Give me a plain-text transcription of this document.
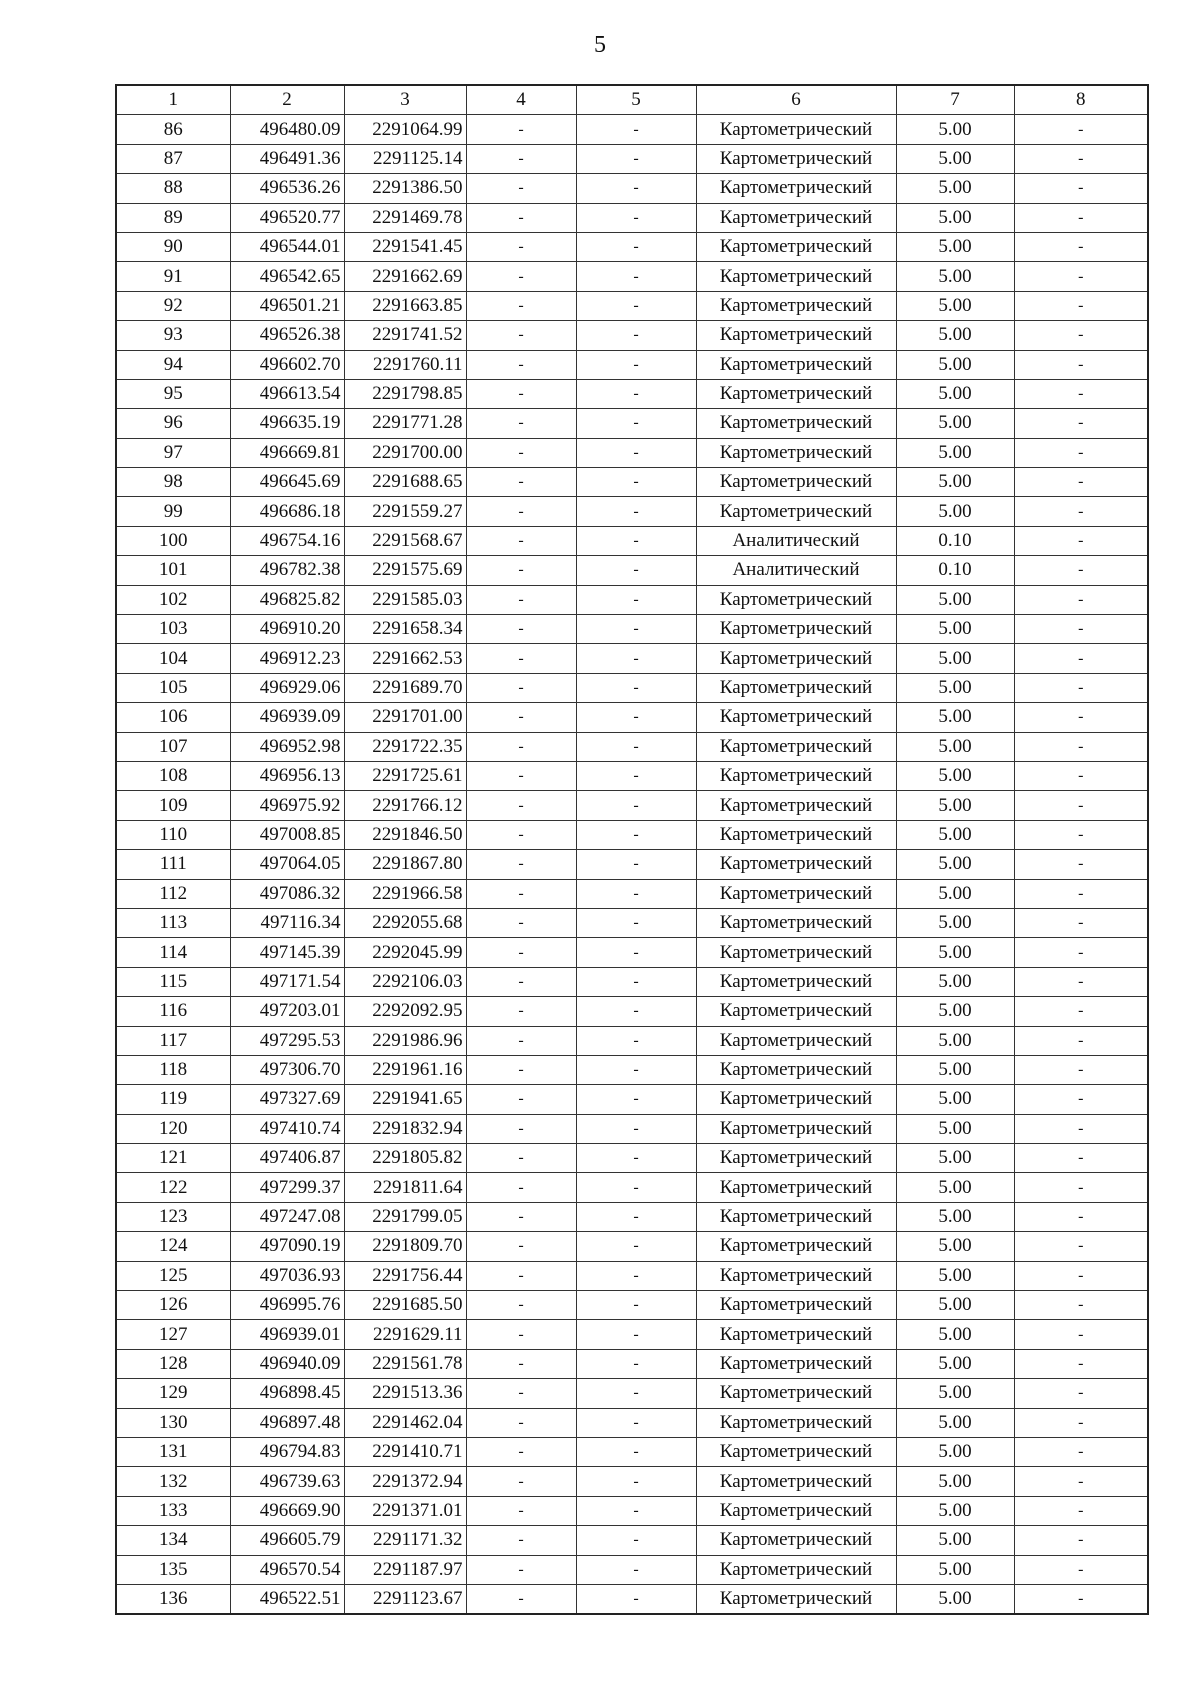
5
1	2	3	4	5	6	7	8
86	496480.09	2291064.99	-	-	Картометрический	5.00	-
87	496491.36	2291125.14	-	-	Картометрический	5.00	-
88	496536.26	2291386.50	-	-	Картометрический	5.00	-
89	496520.77	2291469.78	-	-	Картометрический	5.00	-
90	496544.01	2291541.45	-	-	Картометрический	5.00	-
91	496542.65	2291662.69	-	-	Картометрический	5.00	-
92	496501.21	2291663.85	-	-	Картометрический	5.00	-
93	496526.38	2291741.52	-	-	Картометрический	5.00	-
94	496602.70	2291760.11	-	-	Картометрический	5.00	-
95	496613.54	2291798.85	-	-	Картометрический	5.00	-
96	496635.19	2291771.28	-	-	Картометрический	5.00	-
97	496669.81	2291700.00	-	-	Картометрический	5.00	-
98	496645.69	2291688.65	-	-	Картометрический	5.00	-
99	496686.18	2291559.27	-	-	Картометрический	5.00	-
100	496754.16	2291568.67	-	-	Аналитический	0.10	-
101	496782.38	2291575.69	-	-	Аналитический	0.10	-
102	496825.82	2291585.03	-	-	Картометрический	5.00	-
103	496910.20	2291658.34	-	-	Картометрический	5.00	-
104	496912.23	2291662.53	-	-	Картометрический	5.00	-
105	496929.06	2291689.70	-	-	Картометрический	5.00	-
106	496939.09	2291701.00	-	-	Картометрический	5.00	-
107	496952.98	2291722.35	-	-	Картометрический	5.00	-
108	496956.13	2291725.61	-	-	Картометрический	5.00	-
109	496975.92	2291766.12	-	-	Картометрический	5.00	-
110	497008.85	2291846.50	-	-	Картометрический	5.00	-
111	497064.05	2291867.80	-	-	Картометрический	5.00	-
112	497086.32	2291966.58	-	-	Картометрический	5.00	-
113	497116.34	2292055.68	-	-	Картометрический	5.00	-
114	497145.39	2292045.99	-	-	Картометрический	5.00	-
115	497171.54	2292106.03	-	-	Картометрический	5.00	-
116	497203.01	2292092.95	-	-	Картометрический	5.00	-
117	497295.53	2291986.96	-	-	Картометрический	5.00	-
118	497306.70	2291961.16	-	-	Картометрический	5.00	-
119	497327.69	2291941.65	-	-	Картометрический	5.00	-
120	497410.74	2291832.94	-	-	Картометрический	5.00	-
121	497406.87	2291805.82	-	-	Картометрический	5.00	-
122	497299.37	2291811.64	-	-	Картометрический	5.00	-
123	497247.08	2291799.05	-	-	Картометрический	5.00	-
124	497090.19	2291809.70	-	-	Картометрический	5.00	-
125	497036.93	2291756.44	-	-	Картометрический	5.00	-
126	496995.76	2291685.50	-	-	Картометрический	5.00	-
127	496939.01	2291629.11	-	-	Картометрический	5.00	-
128	496940.09	2291561.78	-	-	Картометрический	5.00	-
129	496898.45	2291513.36	-	-	Картометрический	5.00	-
130	496897.48	2291462.04	-	-	Картометрический	5.00	-
131	496794.83	2291410.71	-	-	Картометрический	5.00	-
132	496739.63	2291372.94	-	-	Картометрический	5.00	-
133	496669.90	2291371.01	-	-	Картометрический	5.00	-
134	496605.79	2291171.32	-	-	Картометрический	5.00	-
135	496570.54	2291187.97	-	-	Картометрический	5.00	-
136	496522.51	2291123.67	-	-	Картометрический	5.00	-
